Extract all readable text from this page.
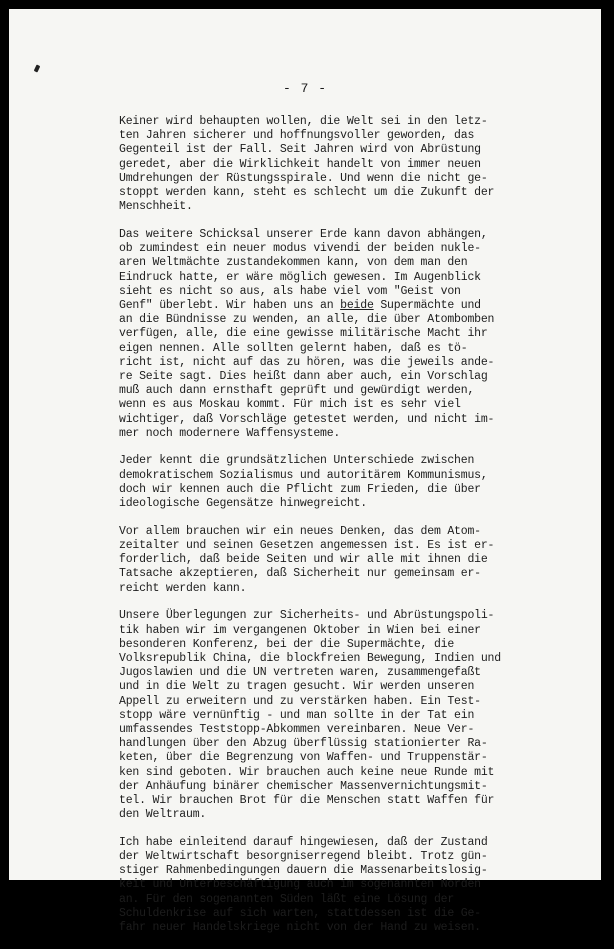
- 7 -

Keiner wird behaupten wollen, die Welt sei in den letz-
ten Jahren sicherer und hoffnungsvoller geworden, das
Gegenteil ist der Fall. Seit Jahren wird von Abrüstung
geredet, aber die Wirklichkeit handelt von immer neuen
Umdrehungen der Rüstungsspirale. Und wenn die nicht ge-
stoppt werden kann, steht es schlecht um die Zukunft der
Menschheit.

Das weitere Schicksal unserer Erde kann davon abhängen,
ob zumindest ein neuer modus vivendi der beiden nukle-
aren Weltmächte zustandekommen kann, von dem man den
Eindruck hatte, er wäre möglich gewesen. Im Augenblick
sieht es nicht so aus, als habe viel vom "Geist von
Genf" überlebt. Wir haben uns an beide Supermächte und
an die Bündnisse zu wenden, an alle, die über Atombomben
verfügen, alle, die eine gewisse militärische Macht ihr
eigen nennen. Alle sollten gelernt haben, daß es tö-
richt ist, nicht auf das zu hören, was die jeweils ande-
re Seite sagt. Dies heißt dann aber auch, ein Vorschlag
muß auch dann ernsthaft geprüft und gewürdigt werden,
wenn es aus Moskau kommt. Für mich ist es sehr viel
wichtiger, daß Vorschläge getestet werden, und nicht im-
mer noch modernere Waffensysteme.

Jeder kennt die grundsätzlichen Unterschiede zwischen
demokratischem Sozialismus und autoritärem Kommunismus,
doch wir kennen auch die Pflicht zum Frieden, die über
ideologische Gegensätze hinwegreicht.

Vor allem brauchen wir ein neues Denken, das dem Atom-
zeitalter und seinen Gesetzen angemessen ist. Es ist er-
forderlich, daß beide Seiten und wir alle mit ihnen die
Tatsache akzeptieren, daß Sicherheit nur gemeinsam er-
reicht werden kann.

Unsere Überlegungen zur Sicherheits- und Abrüstungspoli-
tik haben wir im vergangenen Oktober in Wien bei einer
besonderen Konferenz, bei der die Supermächte, die
Volksrepublik China, die blockfreien Bewegung, Indien und
Jugoslawien und die UN vertreten waren, zusammengefaßt
und in die Welt zu tragen gesucht. Wir werden unseren
Appell zu erweitern und zu verstärken haben. Ein Test-
stopp wäre vernünftig - und man sollte in der Tat ein
umfassendes Teststopp-Abkommen vereinbaren. Neue Ver-
handlungen über den Abzug überflüssig stationierter Ra-
keten, über die Begrenzung von Waffen- und Truppenstär-
ken sind geboten. Wir brauchen auch keine neue Runde mit
der Anhäufung binärer chemischer Massenvernichtungsmit-
tel. Wir brauchen Brot für die Menschen statt Waffen für
den Weltraum.

Ich habe einleitend darauf hingewiesen, daß der Zustand
der Weltwirtschaft besorgniserregend bleibt. Trotz gün-
stiger Rahmenbedingungen dauern die Massenarbeitslosig-
keit und Unterbeschäftigung auch im sogenannten Norden
an. Für den sogenannten Süden läßt eine Lösung der
Schuldenkrise auf sich warten, stattdessen ist die Ge-
fahr neuer Handelskriege nicht von der Hand zu weisen.
